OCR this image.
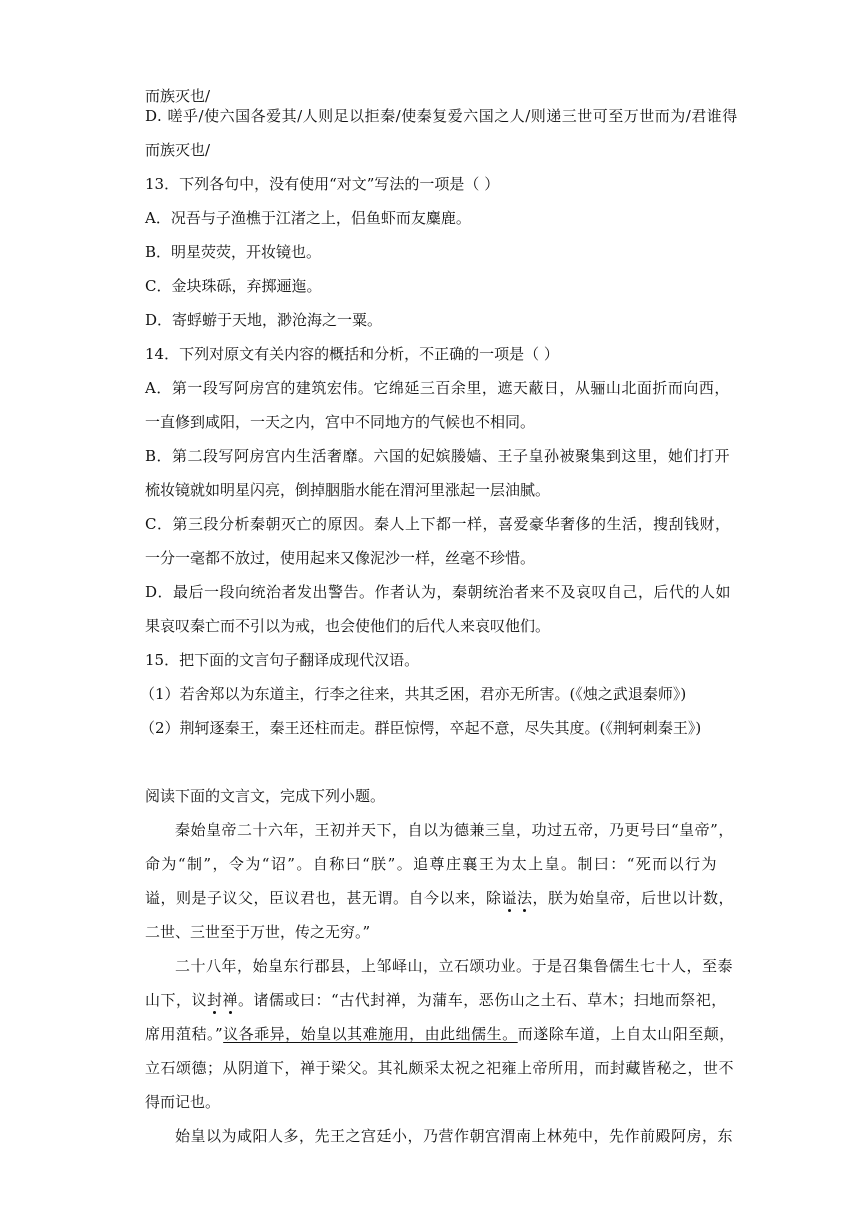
而族灭也/
D. 嗟乎/使六国各爱其/人则足以拒秦/使秦复爱六国之人/则递三世可至万世而为/君谁得
而族灭也/
13．下列各句中，没有使用“对文”写法的一项是（ ）
A．况吾与子渔樵于江渚之上，侣鱼虾而友麋鹿。
B．明星荧荧，开妆镜也。
C．金块珠砾，弃掷逦迤。
D．寄蜉蝣于天地，渺沧海之一粟。
14．下列对原文有关内容的概括和分析，不正确的一项是（ ）
A．第一段写阿房宫的建筑宏伟。它绵延三百余里，遮天蔽日，从骊山北面折而向西，
一直修到咸阳，一天之内，宫中不同地方的气候也不相同。
B．第二段写阿房宫内生活奢靡。六国的妃嫔媵嫱、王子皇孙被聚集到这里，她们打开
梳妆镜就如明星闪亮，倒掉胭脂水能在渭河里涨起一层油腻。
C．第三段分析秦朝灭亡的原因。秦人上下都一样，喜爱豪华奢侈的生活，搜刮钱财，
一分一毫都不放过，使用起来又像泥沙一样，丝毫不珍惜。
D．最后一段向统治者发出警告。作者认为，秦朝统治者来不及哀叹自己，后代的人如
果哀叹秦亡而不引以为戒，也会使他们的后代人来哀叹他们。
15．把下面的文言句子翻译成现代汉语。
（1）若舍郑以为东道主，行李之往来，共其乏困，君亦无所害。(《烛之武退秦师》)
（2）荆轲逐秦王，秦王还柱而走。群臣惊愕，卒起不意，尽失其度。(《荆轲刺秦王》)
阅读下面的文言文，完成下列小题。
秦始皇帝二十六年，王初并天下，自以为德兼三皇，功过五帝，乃更号曰“皇帝”，
命为“制”，令为“诏”。自称曰“朕”。追尊庄襄王为太上皇。制曰：“死而以行为
谥，则是子议父，臣议君也，甚无谓。自今以来，除谥法，朕为始皇帝，后世以计数，
二世、三世至于万世，传之无穷。”
二十八年，始皇东行郡县，上邹峄山，立石颂功业。于是召集鲁儒生七十人，至泰
山下，议封禅。诸儒或曰：“古代封禅，为蒲车，恶伤山之土石、草木；扫地而祭祀，
席用菹秸。”议各乖异，始皇以其难施用，由此绌儒生。而遂除车道，上自太山阳至颠，
立石颂德；从阴道下，禅于梁父。其礼颇采太祝之祀雍上帝所用，而封藏皆秘之，世不
得而记也。
始皇以为咸阳人多，先王之宫廷小，乃营作朝宫渭南上林苑中，先作前殿阿房，东
